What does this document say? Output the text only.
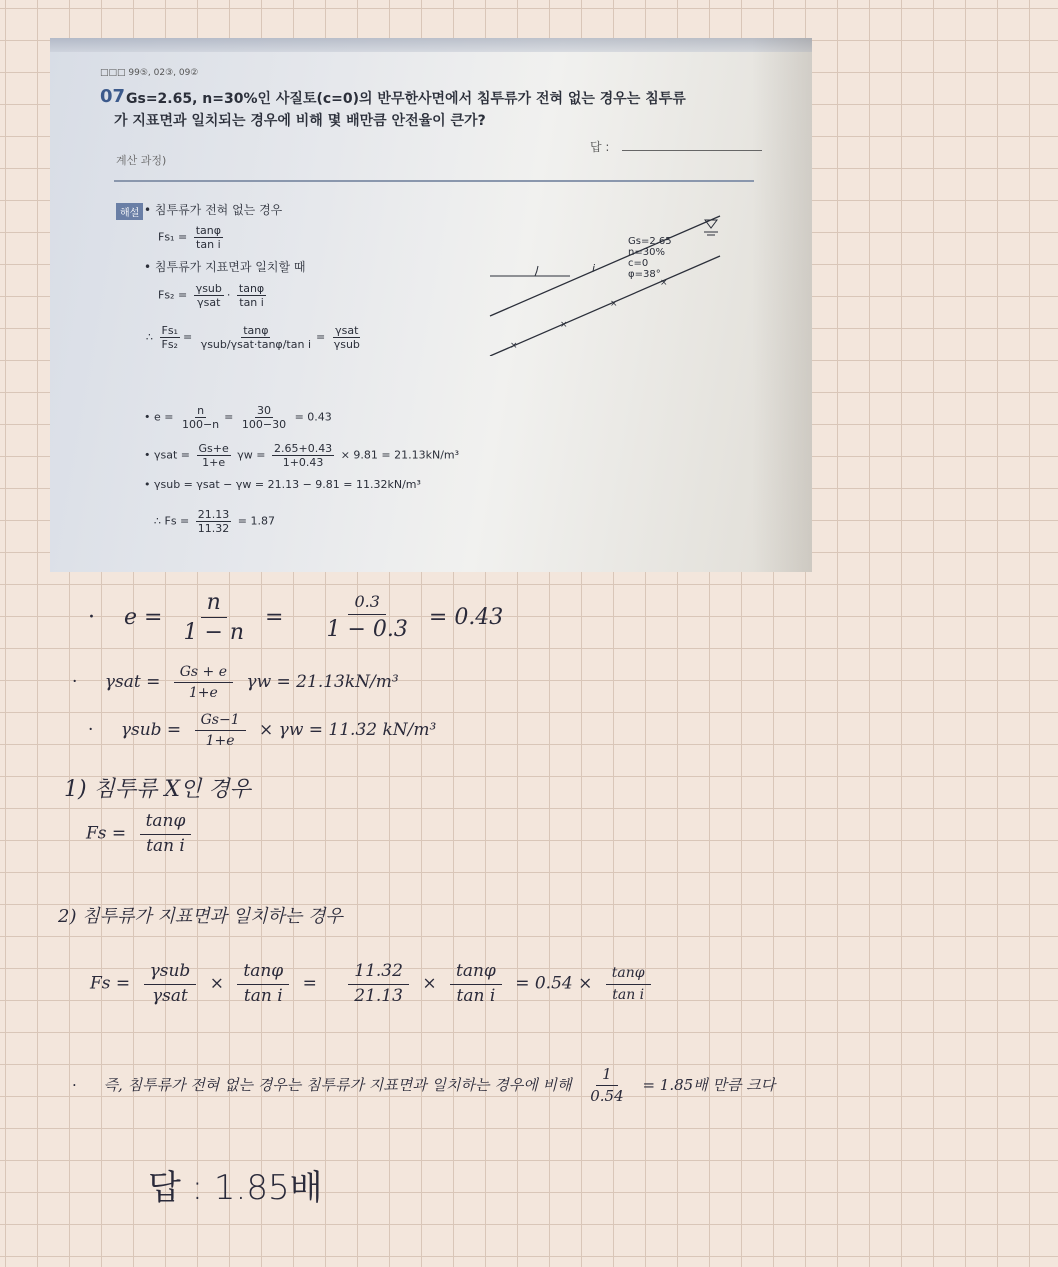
□□□ 99⑤, 02③, 09②
07 Gs=2.65, n=30%인 사질토(c=0)의 반무한사면에서 침투류가 전혀 없는 경우는 침투류
가 지표면과 일치되는 경우에 비해 몇 배만큼 안전율이 큰가?
계산 과정)
답 :
해설 • 침투류가 전혀 없는 경우
$Fs_1 = \frac{\tan\varphi}{\text{tan i}}$
• 침투류가 지표면과 일치할 때
$Fs_2 = \frac{\text{γsub}}{\text{γsat}} \cdot \frac{\tan\varphi}{\text{tan i}}$
∴ $\frac{\text{Fs₁}}{\text{Fs₂}} = \frac{\tan\varphi}{\text{γsub/γsat·tanφ/tan i}} = \frac{\text{γsat}}{\text{γsub}}$
• $e = \frac{n}{100-n} = \frac{30}{100-30} = 0.43$
• $\gamma sat = \frac{Gs+e}{1+e}$ $\gamma w = \frac{2.65+0.43}{1+0.43} \times 9.81 = 21.13kN/m^3$
• γsub = γsat − γw = 21.13 − 9.81 = 11.32kN/m³
∴ $Fs = \frac{21.13}{11.32} = 1.87$
i
×
×
×
×
Gs=2.65
n=30%
c=0
φ=38°
· $e = \frac{n}{1 - n}$ =
0.3
1 − 0.3 = 0.43
· $\gamma sat = \frac{Gs + e}{1+e}$ γw = 21.13kN/m³
· $\gamma sub = \frac{Gs-1}{1+e} \times \gamma w = 11.32$ kN/m³
1) 침투류 X인 경우
$Fs = \frac{\tan\varphi}{\text{tan i}}$
2) 침투류가 지표면과 일치하는 경우
Fs =
γsub
γsat
× $\frac{\tan\varphi}{\text{tan i}} = \frac{11.32}{21.13} \times \frac{\tan\varphi}{\text{tan i}} = 0.54 \times \frac{\tan\varphi}{\text{tan i}}$
· 즉, 침투류가 전혀 없는 경우는 침투류가 지표면과 일치하는 경우에 비해 $\frac{1}{0.54} = 1.85$배 만큼 크다
답 : 1.85배
